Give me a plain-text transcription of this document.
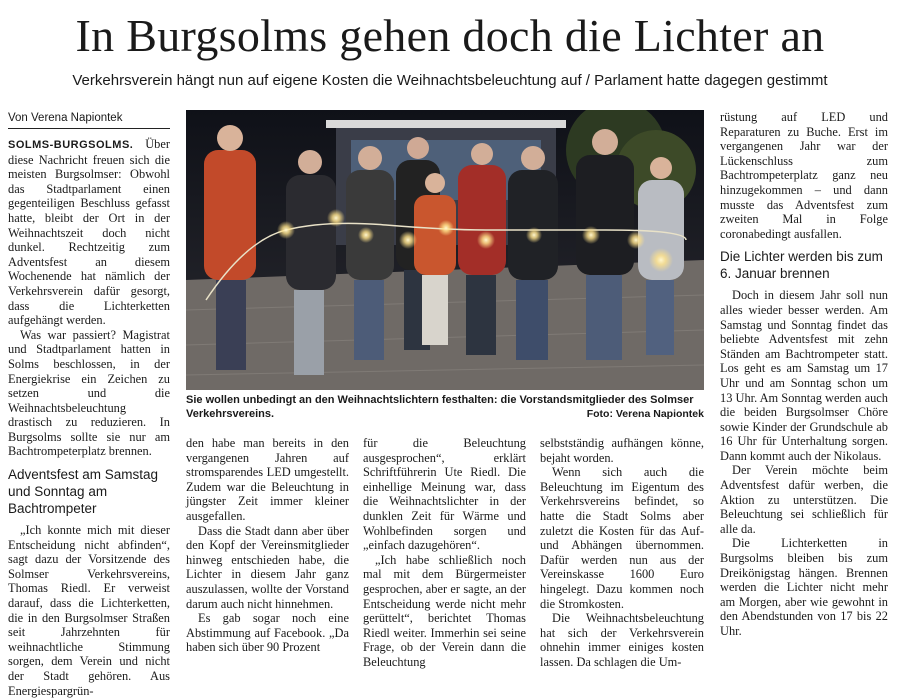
In Burgsolms gehen doch die Lichter an
Verkehrsverein hängt nun auf eigene Kosten die Weihnachtsbeleuchtung auf / Parlament hatte dagegen gestimmt
Von Verena Napiontek

SOLMS-BURGSOLMS. Über diese Nachricht freuen sich die meisten Burgsolmser: Obwohl das Stadtparlament einen gegenteiligen Beschluss gefasst hatte, bleibt der Ort in der Weihnachtszeit doch nicht dunkel. Rechtzeitig zum Adventsfest an diesem Wochenende hat nämlich der Verkehrsverein dafür gesorgt, dass die Lichterketten aufgehängt werden.

Was war passiert? Magistrat und Stadtparlament hatten in Solms beschlossen, in der Energiekrise ein Zeichen zu setzen und die Weihnachtsbeleuchtung drastisch zu reduzieren. In Burgsolms sollte sie nur am Bachtrompeterplatz brennen.

Adventsfest am Samstag und Sonntag am Bachtrompeter

„Ich konnte mich mit dieser Entscheidung nicht abfinden“, sagt dazu der Vorsitzende des Solmser Verkehrsvereins, Thomas Riedl. Er verweist darauf, dass die Lichterketten, die in den Burgsolmser Straßen seit Jahrzehnten für weihnachtliche Stimmung sorgen, dem Verein und nicht der Stadt gehören. Aus Energiespargrün-

Sie wollen unbedingt an den Weihnachtslichtern festhalten: die Vorstandsmitglieder des Solmser Verkehrsvereins.	Foto: Verena Napiontek

den habe man bereits in den vergangenen Jahren auf stromsparendes LED umgestellt. Zudem war die Beleuchtung in jüngster Zeit immer kleiner ausgefallen.

Dass die Stadt dann aber über den Kopf der Vereinsmitglieder hinweg entschieden habe, die Lichter in diesem Jahr ganz auszulassen, wollte der Vorstand darum auch nicht hinnehmen.

Es gab sogar noch eine Abstimmung auf Facebook. „Da haben sich über 90 Prozent

für die Beleuchtung ausgesprochen“, erklärt Schriftführerin Ute Riedl. Die einhellige Meinung war, dass die Weihnachtslichter in der dunklen Zeit für Wärme und Wohlbefinden sorgen und „einfach dazugehören“.

„Ich habe schließlich noch mal mit dem Bürgermeister gesprochen, aber er sagte, an der Entscheidung werde nicht mehr gerüttelt“, berichtet Thomas Riedl weiter. Immerhin sei seine Frage, ob der Verein dann die Beleuchtung

selbstständig aufhängen könne, bejaht worden.

Wenn sich auch die Beleuchtung im Eigentum des Verkehrsvereins befindet, so hatte die Stadt Solms aber zuletzt die Kosten für das Auf- und Abhängen übernommen. Dafür werden nun aus der Vereinskasse 1600 Euro hingelegt. Dazu kommen noch die Stromkosten.

Die Weihnachtsbeleuchtung hat sich der Verkehrsverein ohnehin immer einiges kosten lassen. Da schlagen die Um-

rüstung auf LED und Reparaturen zu Buche. Erst im vergangenen Jahr war der Lückenschluss zum Bachtrompeterplatz ganz neu hinzugekommen – und dann musste das Adventsfest zum zweiten Mal in Folge coronabedingt ausfallen.

Die Lichter werden bis zum 6. Januar brennen

Doch in diesem Jahr soll nun alles wieder besser werden. Am Samstag und Sonntag findet das beliebte Adventsfest mit zehn Ständen am Bachtrompeter statt. Los geht es am Samstag um 17 Uhr und am Sonntag schon um 13 Uhr. Am Sonntag werden auch die beiden Burgsolmser Chöre sowie Kinder der Grundschule ab 16 Uhr für Unterhaltung sorgen. Dann kommt auch der Nikolaus.

Der Verein möchte beim Adventsfest dafür werben, die Aktion zu unterstützen. Die Beleuchtung sei schließlich für alle da.

Die Lichterketten in Burgsolms bleiben bis zum Dreikönigstag hängen. Brennen werden die Lichter nicht mehr am Morgen, aber wie gewohnt in den Abendstunden von 17 bis 22 Uhr.
